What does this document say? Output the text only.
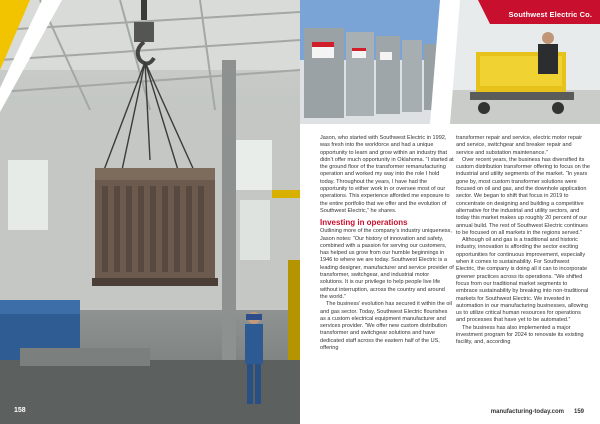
158
Southwest Electric Co.

Jason, who started with Southwest Electric in 1992, was fresh into the workforce and had a unique opportunity to learn and grow within an industry that didn’t offer much opportunity in Oklahoma. “I started at the ground floor of the transformer remanufacturing operation and worked my way into the role I hold today. Throughout the years, I have had the opportunity to either work in or oversee most of our operations. This experience afforded me exposure to the entire portfolio that we offer and the evolution of Southwest Electric,” he shares.

Investing in operations

Outlining more of the company’s industry uniqueness, Jason notes: “Our history of innovation and safety, combined with a passion for serving our customers, has helped us grow from our humble beginnings in 1946 to where we are today. Southwest Electric is a leading designer, manufacturer and service provider of transformer, switchgear, and industrial motor solutions. It is our privilege to help people live life without interruption, across the country and around the world.”

The business’ evolution has secured it within the oil and gas sector. Today, Southwest Electric flourishes as a custom electrical equipment manufacturer and services provider. “We offer new custom distribution transformer and switchgear solutions and have dedicated staff across the eastern half of the US, offering

transformer repair and service, electric motor repair and service, switchgear and breaker repair and service and substation maintenance.”

Over recent years, the business has diversified its custom distribution transformer offering to focus on the industrial and utility segments of the market. “In years gone by, most custom transformer solutions were focused on oil and gas, and the downhole application sector. We began to shift that focus in 2019 to concentrate on designing and building a competitive alternative for the industrial and utility sectors, and today this market makes up roughly 20 percent of our annual build. The rest of Southwest Electric continues to be focused on all markets in the regions served.”

Although oil and gas is a traditional and historic industry, innovation is affording the sector exciting opportunities for continuous improvement, especially when it comes to sustainability. For Southwest Electric, the company is doing all it can to incorporate greener practices across its operations. “We shifted focus from our traditional market segments to embrace sustainability by breaking into non-traditional markets for Southwest Electric. We invested in automation in our manufacturing businesses, allowing us to utilize critical human resources for operations and processes that have yet to be automated.”

The business has also implemented a major investment program for 2024 to renovate its existing facility, and, according

manufacturing-today.com 159
